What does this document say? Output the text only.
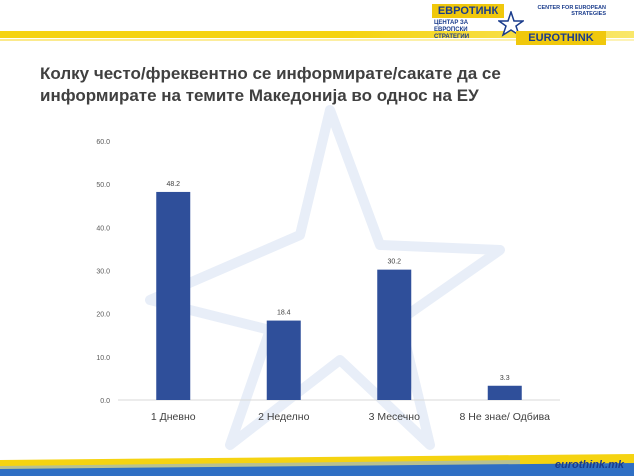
ЕВРОТИНК
ЦЕНТАР ЗА ЕВРОПСКИ СТРАТЕГИИ
CENTER FOR EUROPEAN STRATEGIES
EUROTHINK
Колку често/фреквентно се информирате/сакате да се информирате на темите Македонија во однос на ЕУ
0.0
10.0
20.0
30.0
40.0
50.0
60.0
48.2
18.4
30.2
3.3
1 Дневно	2 Неделно	3 Месечно	8 Не знае/ Одбива
eurothink.mk
